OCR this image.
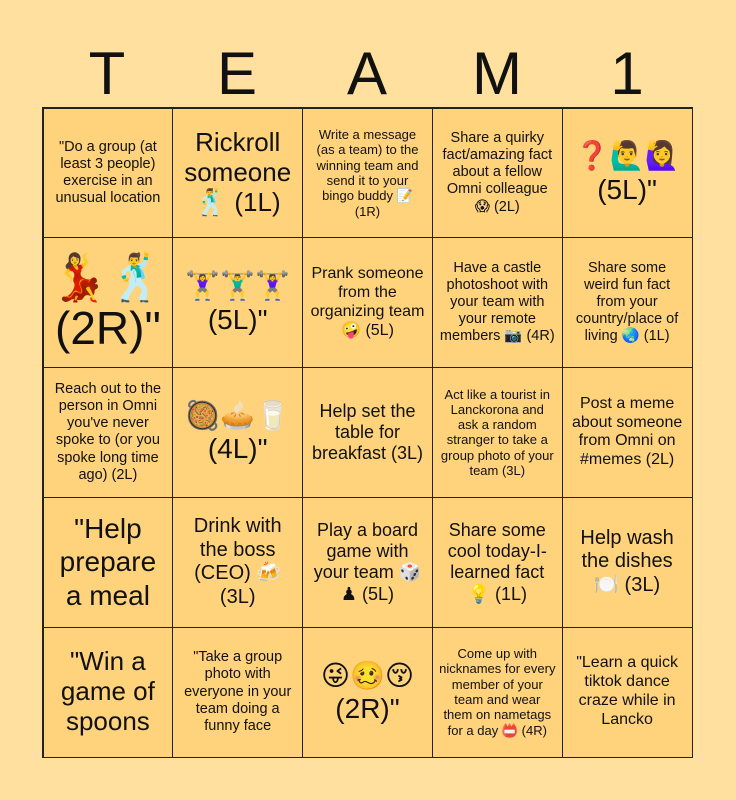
T	E	A	M	1
"Do a group (at least 3 people) exercise in an unusual location
Rickroll someone 🕺 (1L)
Write a message (as a team) to the winning team and send it to your bingo buddy 📝 (1R)
Share a quirky fact/amazing fact about a fellow Omni colleague 😱 (2L)
❓🙋‍♂️🙋‍♀️ (5L)"
💃🕺 (2R)"
🏋️‍♀️🏋️‍♂️🏋️‍♀️ (5L)"
Prank someone from the organizing team 🤪 (5L)
Have a castle photoshoot with your team with your remote members 📷 (4R)
Share some weird fun fact from your country/place of living 🌏 (1L)
Reach out to the person in Omni you've never spoke to (or you spoke long time ago) (2L)
🥘🥧🥛 (4L)"
Help set the table for breakfast (3L)
Act like a tourist in Lanckorona and ask a random stranger to take a group photo of your team (3L)
Post a meme about someone from Omni on #memes (2L)
"Help prepare a meal
Drink with the boss (CEO) 🍻 (3L)
Play a board game with your team 🎲♟ (5L)
Share some cool today-I-learned fact 💡 (1L)
Help wash the dishes 🍽️ (3L)
"Win a game of spoons
"Take a group photo with everyone in your team doing a funny face
😜🥴😚 (2R)"
Come up with nicknames for every member of your team and wear them on nametags for a day 📛 (4R)
"Learn a quick tiktok dance craze while in Lancko
